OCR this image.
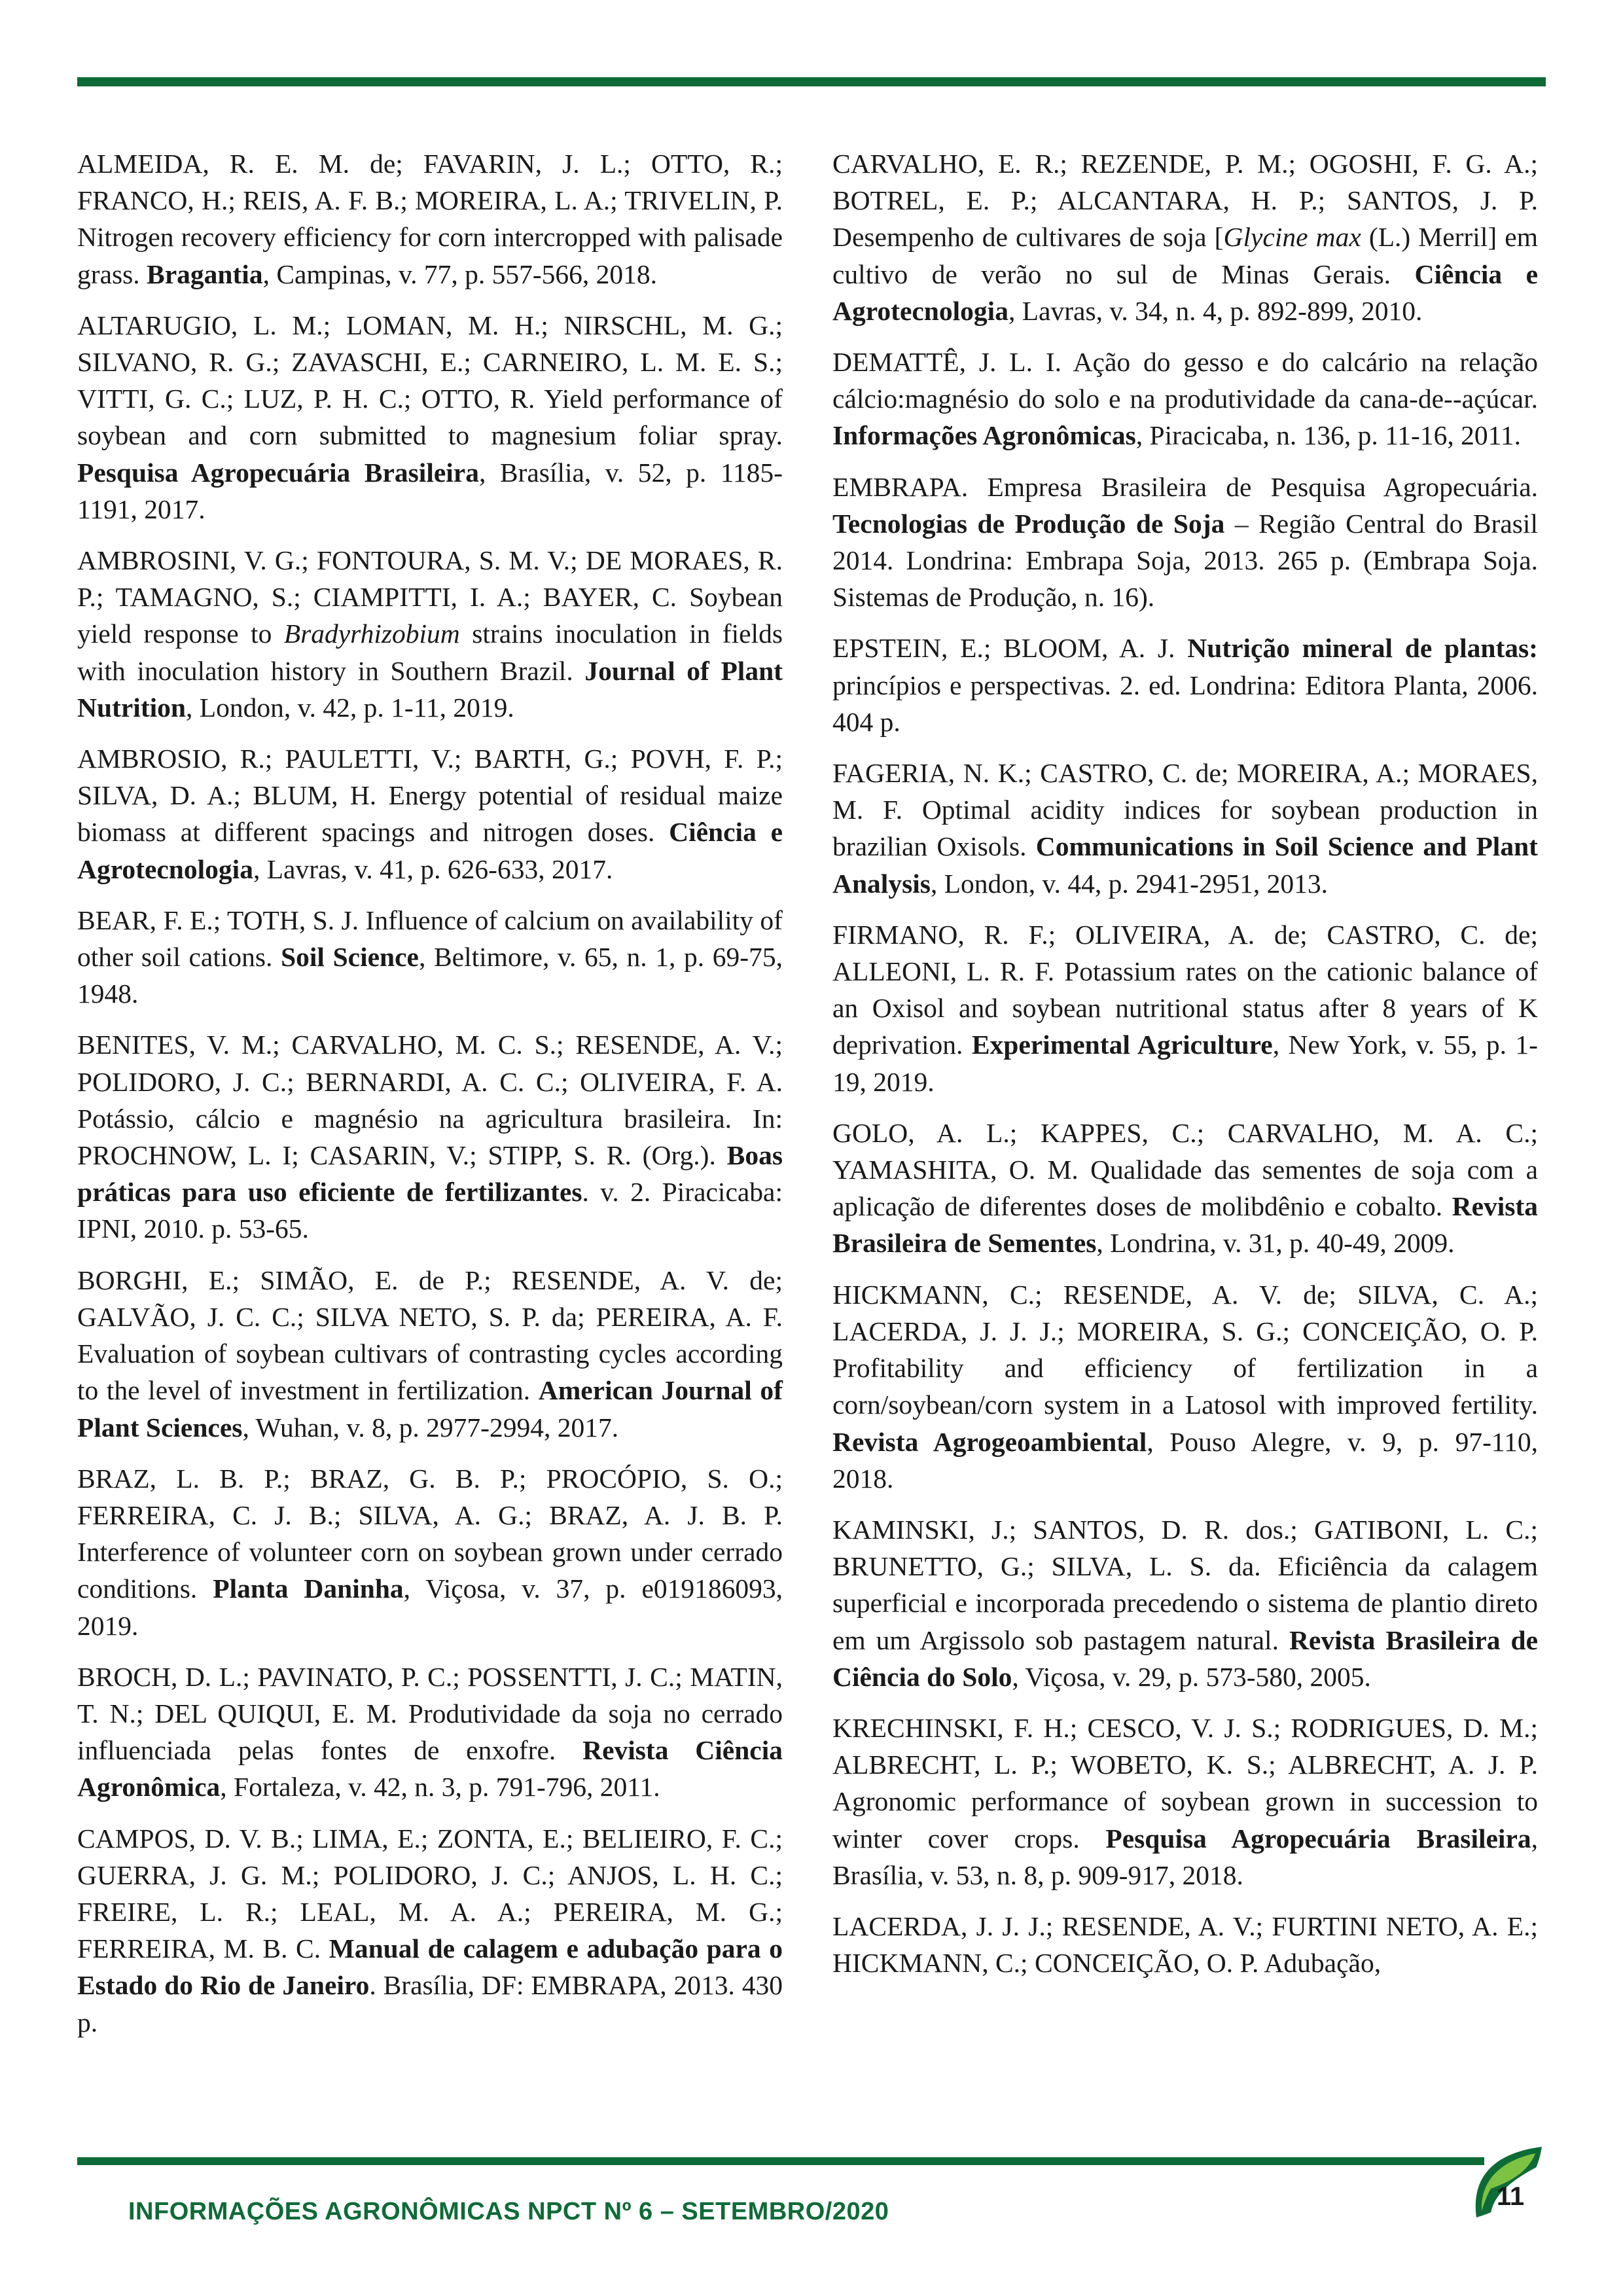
ALMEIDA, R. E. M. de; FAVARIN, J. L.; OTTO, R.; FRANCO, H.; REIS, A. F. B.; MOREIRA, L. A.; TRIVELIN, P. Nitrogen recovery efficiency for corn intercropped with palisade grass. Bragantia, Campinas, v. 77, p. 557-566, 2018.

ALTARUGIO, L. M.; LOMAN, M. H.; NIRSCHL, M. G.; SILVANO, R. G.; ZAVASCHI, E.; CARNEIRO, L. M. E. S.; VITTI, G. C.; LUZ, P. H. C.; OTTO, R. Yield performance of soybean and corn submitted to magnesium foliar spray. Pesquisa Agropecuária Brasileira, Brasília, v. 52, p. 1185-1191, 2017.

AMBROSINI, V. G.; FONTOURA, S. M. V.; DE MORAES, R. P.; TAMAGNO, S.; CIAMPITTI, I. A.; BAYER, C. Soybean yield response to Bradyrhizobium strains inoculation in fields with inoculation history in Southern Brazil. Journal of Plant Nutrition, London, v. 42, p. 1-11, 2019.

AMBROSIO, R.; PAULETTI, V.; BARTH, G.; POVH, F. P.; SILVA, D. A.; BLUM, H. Energy potential of residual maize biomass at different spacings and nitrogen doses. Ciência e Agrotecnologia, Lavras, v. 41, p. 626-633, 2017.

BEAR, F. E.; TOTH, S. J. Influence of calcium on availability of other soil cations. Soil Science, Beltimore, v. 65, n. 1, p. 69-75, 1948.

BENITES, V. M.; CARVALHO, M. C. S.; RESENDE, A. V.; POLIDORO, J. C.; BERNARDI, A. C. C.; OLIVEIRA, F. A. Potássio, cálcio e magnésio na agricultura brasileira. In: PROCHNOW, L. I; CASARIN, V.; STIPP, S. R. (Org.). Boas práticas para uso eficiente de fertilizantes. v. 2. Piracicaba: IPNI, 2010. p. 53-65.

BORGHI, E.; SIMÃO, E. de P.; RESENDE, A. V. de; GALVÃO, J. C. C.; SILVA NETO, S. P. da; PEREIRA, A. F. Evaluation of soybean cultivars of contrasting cycles according to the level of investment in fertilization. American Journal of Plant Sciences, Wuhan, v. 8, p. 2977-2994, 2017.

BRAZ, L. B. P.; BRAZ, G. B. P.; PROCÓPIO, S. O.; FERREIRA, C. J. B.; SILVA, A. G.; BRAZ, A. J. B. P. Interference of volunteer corn on soybean grown under cerrado conditions. Planta Daninha, Viçosa, v. 37, p. e019186093, 2019.

BROCH, D. L.; PAVINATO, P. C.; POSSENTTI, J. C.; MATIN, T. N.; DEL QUIQUI, E. M. Produtividade da soja no cerrado influenciada pelas fontes de enxofre. Revista Ciência Agronômica, Fortaleza, v. 42, n. 3, p. 791-796, 2011.

CAMPOS, D. V. B.; LIMA, E.; ZONTA, E.; BELIEIRO, F. C.; GUERRA, J. G. M.; POLIDORO, J. C.; ANJOS, L. H. C.; FREIRE, L. R.; LEAL, M. A. A.; PEREIRA, M. G.; FERREIRA, M. B. C. Manual de calagem e adubação para o Estado do Rio de Janeiro. Brasília, DF: EMBRAPA, 2013. 430 p.

CARVALHO, E. R.; REZENDE, P. M.; OGOSHI, F. G. A.; BOTREL, E. P.; ALCANTARA, H. P.; SANTOS, J. P. Desempenho de cultivares de soja [Glycine max (L.) Merril] em cultivo de verão no sul de Minas Gerais. Ciência e Agrotecnologia, Lavras, v. 34, n. 4, p. 892-899, 2010.

DEMATTÊ, J. L. I. Ação do gesso e do calcário na relação cálcio:magnésio do solo e na produtividade da cana-de--açúcar. Informações Agronômicas, Piracicaba, n. 136, p. 11-16, 2011.

EMBRAPA. Empresa Brasileira de Pesquisa Agropecuária. Tecnologias de Produção de Soja – Região Central do Brasil 2014. Londrina: Embrapa Soja, 2013. 265 p. (Embrapa Soja. Sistemas de Produção, n. 16).

EPSTEIN, E.; BLOOM, A. J. Nutrição mineral de plantas: princípios e perspectivas. 2. ed. Londrina: Editora Planta, 2006. 404 p.

FAGERIA, N. K.; CASTRO, C. de; MOREIRA, A.; MORAES, M. F. Optimal acidity indices for soybean production in brazilian Oxisols. Communications in Soil Science and Plant Analysis, London, v. 44, p. 2941-2951, 2013.

FIRMANO, R. F.; OLIVEIRA, A. de; CASTRO, C. de; ALLEONI, L. R. F. Potassium rates on the cationic balance of an Oxisol and soybean nutritional status after 8 years of K deprivation. Experimental Agriculture, New York, v. 55, p. 1-19, 2019.

GOLO, A. L.; KAPPES, C.; CARVALHO, M. A. C.; YAMASHITA, O. M. Qualidade das sementes de soja com a aplicação de diferentes doses de molibdênio e cobalto. Revista Brasileira de Sementes, Londrina, v. 31, p. 40-49, 2009.

HICKMANN, C.; RESENDE, A. V. de; SILVA, C. A.; LACERDA, J. J. J.; MOREIRA, S. G.; CONCEIÇÃO, O. P. Profitability and efficiency of fertilization in a corn/soybean/corn system in a Latosol with improved fertility. Revista Agrogeoambiental, Pouso Alegre, v. 9, p. 97-110, 2018.

KAMINSKI, J.; SANTOS, D. R. dos.; GATIBONI, L. C.; BRUNETTO, G.; SILVA, L. S. da. Eficiência da calagem superficial e incorporada precedendo o sistema de plantio direto em um Argissolo sob pastagem natural. Revista Brasileira de Ciência do Solo, Viçosa, v. 29, p. 573-580, 2005.

KRECHINSKI, F. H.; CESCO, V. J. S.; RODRIGUES, D. M.; ALBRECHT, L. P.; WOBETO, K. S.; ALBRECHT, A. J. P. Agronomic performance of soybean grown in succession to winter cover crops. Pesquisa Agropecuária Brasileira, Brasília, v. 53, n. 8, p. 909-917, 2018.

LACERDA, J. J. J.; RESENDE, A. V.; FURTINI NETO, A. E.; HICKMANN, C.; CONCEIÇÃO, O. P. Adubação,

INFORMAÇÕES AGRONÔMICAS NPCT Nº 6 – SETEMBRO/2020
11
